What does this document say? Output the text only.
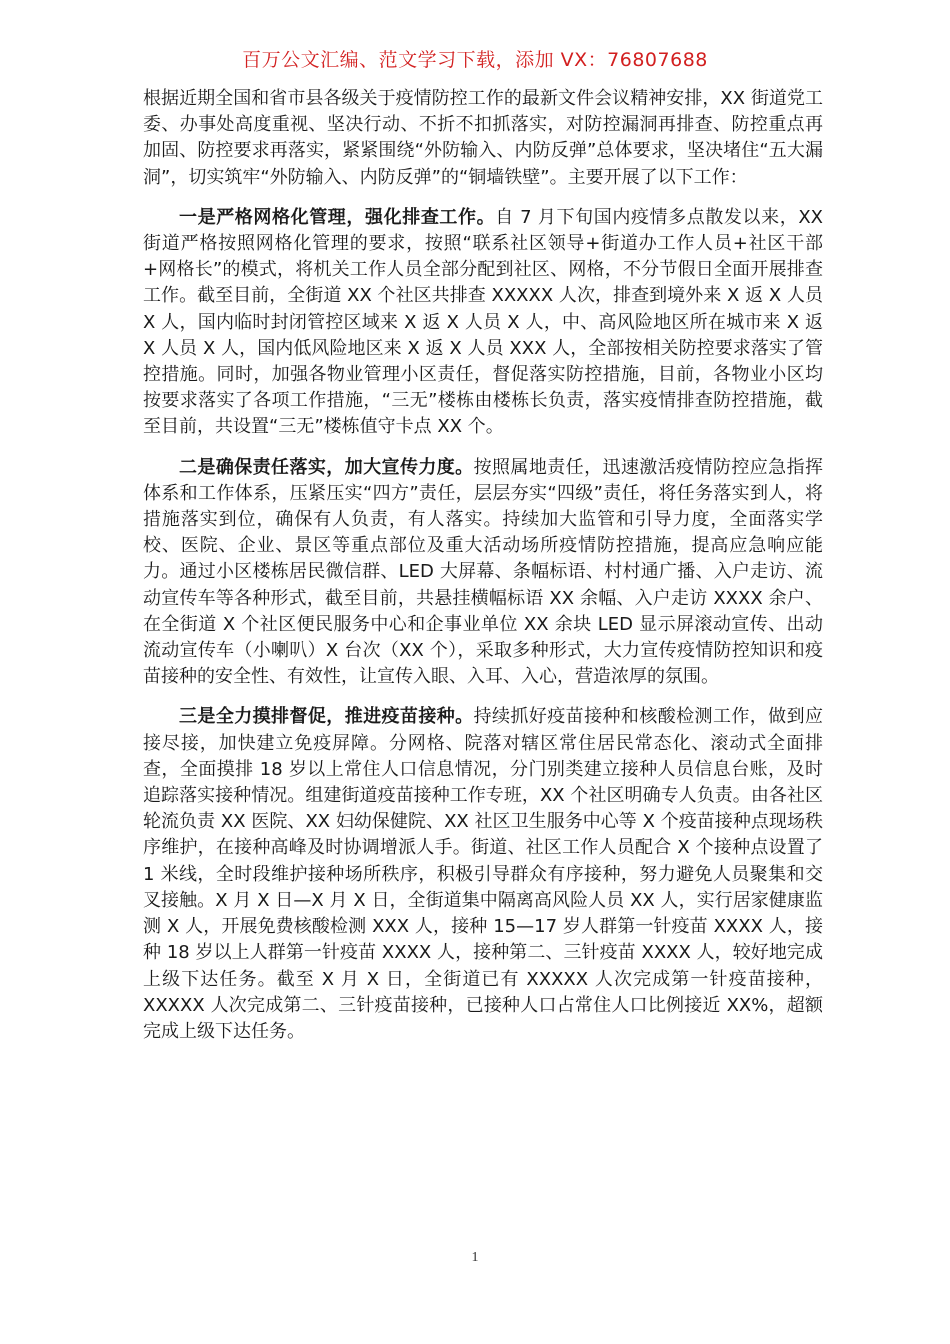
百万公文汇编、范文学习下载，添加 VX：76807688

根据近期全国和省市县各级关于疫情防控工作的最新文件会议精神安排，XX 街道党工委、办事处高度重视、坚决行动、不折不扣抓落实，对防控漏洞再排查、防控重点再加固、防控要求再落实，紧紧围绕“外防输入、内防反弹”总体要求，坚决堵住“五大漏洞”，切实筑牢“外防输入、内防反弹”的“铜墙铁壁”。主要开展了以下工作：

一是严格网格化管理，强化排查工作。自 7 月下旬国内疫情多点散发以来，XX 街道严格按照网格化管理的要求，按照“联系社区领导+街道办工作人员+社区干部+网格长”的模式，将机关工作人员全部分配到社区、网格，不分节假日全面开展排查工作。截至目前，全街道 XX 个社区共排查 XXXXX 人次，排查到境外来 X 返 X 人员 X 人，国内临时封闭管控区域来 X 返 X 人员 X 人，中、高风险地区所在城市来 X 返 X 人员 X 人，国内低风险地区来 X 返 X 人员 XXX 人，全部按相关防控要求落实了管控措施。同时，加强各物业管理小区责任，督促落实防控措施，目前，各物业小区均按要求落实了各项工作措施，“三无”楼栋由楼栋长负责，落实疫情排查防控措施，截至目前，共设置“三无”楼栋值守卡点 XX 个。

二是确保责任落实，加大宣传力度。按照属地责任，迅速激活疫情防控应急指挥体系和工作体系，压紧压实“四方”责任，层层夯实“四级”责任，将任务落实到人，将措施落实到位，确保有人负责，有人落实。持续加大监管和引导力度，全面落实学校、医院、企业、景区等重点部位及重大活动场所疫情防控措施，提高应急响应能力。通过小区楼栋居民微信群、LED 大屏幕、条幅标语、村村通广播、入户走访、流动宣传车等各种形式，截至目前，共悬挂横幅标语 XX 余幅、入户走访 XXXX 余户、在全街道 X 个社区便民服务中心和企事业单位 XX 余块 LED 显示屏滚动宣传、出动流动宣传车（小喇叭）X 台次（XX 个），采取多种形式，大力宣传疫情防控知识和疫苗接种的安全性、有效性，让宣传入眼、入耳、入心，营造浓厚的氛围。

三是全力摸排督促，推进疫苗接种。持续抓好疫苗接种和核酸检测工作，做到应接尽接，加快建立免疫屏障。分网格、院落对辖区常住居民常态化、滚动式全面排查，全面摸排 18 岁以上常住人口信息情况，分门别类建立接种人员信息台账，及时追踪落实接种情况。组建街道疫苗接种工作专班，XX 个社区明确专人负责。由各社区轮流负责 XX 医院、XX 妇幼保健院、XX 社区卫生服务中心等 X 个疫苗接种点现场秩序维护，在接种高峰及时协调增派人手。街道、社区工作人员配合 X 个接种点设置了 1 米线，全时段维护接种场所秩序，积极引导群众有序接种，努力避免人员聚集和交叉接触。X 月 X 日—X 月 X 日，全街道集中隔离高风险人员 XX 人，实行居家健康监测 X 人，开展免费核酸检测 XXX 人，接种 15—17 岁人群第一针疫苗 XXXX 人，接种 18 岁以上人群第一针疫苗 XXXX 人，接种第二、三针疫苗 XXXX 人，较好地完成上级下达任务。截至 X 月 X 日，全街道已有 XXXXX 人次完成第一针疫苗接种，XXXXX 人次完成第二、三针疫苗接种，已接种人口占常住人口比例接近 XX%，超额完成上级下达任务。

1
